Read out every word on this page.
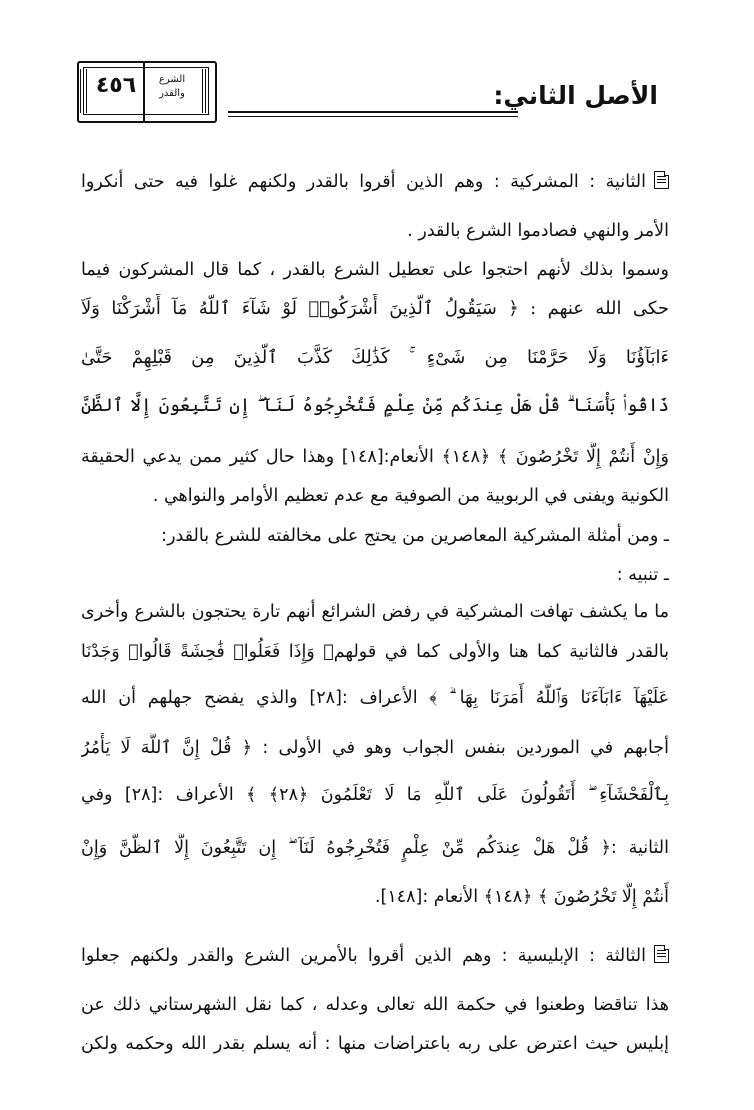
الأصل الثاني:
الشرع
والقدر
٤٥٦
الثانية : المشركية : وهم الذين أقروا بالقدر ولكنهم غلوا فيه حتى أنكروا
الأمر والنهي فصادموا الشرع بالقدر .
وسموا بذلك لأنهم احتجوا على تعطيل الشرع بالقدر ، كما قال المشركون فيما
حكى الله عنهم : ﴿ سَيَقُولُ ٱلَّذِينَ أَشْرَكُوا۟ لَوْ شَآءَ ٱللَّهُ مَآ أَشْرَكْنَا وَلَآ
ءَابَآؤُنَا وَلَا حَرَّمْنَا مِن شَىْءٍ ۚ كَذَٰلِكَ كَذَّبَ ٱلَّذِينَ مِن قَبْلِهِمْ حَتَّىٰ
ذَاقُوا۟ بَأْسَنَا ۗ قُلْ هَلْ عِندَكُم مِّنْ عِلْمٍ فَتُخْرِجُوهُ لَنَآ ۖ إِن تَتَّبِعُونَ إِلَّا ٱلظَّنَّ
وَإِنْ أَنتُمْ إِلَّا تَخْرُصُونَ ﴾ ﴿١٤٨﴾ الأنعام:[١٤٨] وهذا حال كثير ممن يدعي الحقيقة
الكونية ويفنى في الربوبية من الصوفية مع عدم تعظيم الأوامر والنواهي .
ـ ومن أمثلة المشركية المعاصرين من يحتج على مخالفته للشرع بالقدر:
ـ تنبيه :
ما ما يكشف تهافت المشركية في رفض الشرائع أنهم تارة يحتجون بالشرع وأخرى
بالقدر فالثانية كما هنا والأولى كما في قولهم﴿ وَإِذَا فَعَلُوا۟ فَٰحِشَةً قَالُوا۟ وَجَدْنَا
عَلَيْهَآ ءَابَآءَنَا وَٱللَّهُ أَمَرَنَا بِهَا ۗ ﴾ الأعراف :[٢٨] والذي يفضح جهلهم أن الله
أجابهم في الموردين بنفس الجواب وهو في الأولى : ﴿ قُلْ إِنَّ ٱللَّهَ لَا يَأْمُرُ
بِٱلْفَحْشَآءِ ۖ أَتَقُولُونَ عَلَى ٱللَّهِ مَا لَا تَعْلَمُونَ ﴿٢٨﴾ ﴾ الأعراف :[٢٨] وفي
الثانية :﴿ قُلْ هَلْ عِندَكُم مِّنْ عِلْمٍ فَتُخْرِجُوهُ لَنَآ ۖ إِن تَتَّبِعُونَ إِلَّا ٱلظَّنَّ وَإِنْ
أَنتُمْ إِلَّا تَخْرُصُونَ ﴾ ﴿١٤٨﴾ الأنعام :[١٤٨].
الثالثة : الإبليسية : وهم الذين أقروا بالأمرين الشرع والقدر ولكنهم جعلوا
هذا تناقضا وطعنوا في حكمة الله تعالى وعدله ، كما نقل الشهرستاني ذلك عن
إبليس حيث اعترض على ربه باعتراضات منها : أنه يسلم بقدر الله وحكمه ولكن
